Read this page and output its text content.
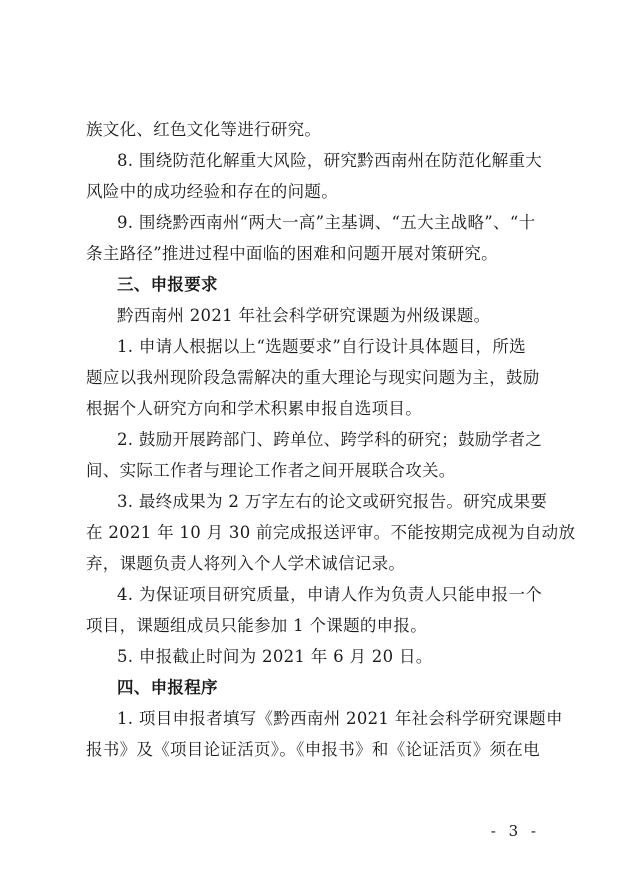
族文化、红色文化等进行研究。
8. 围绕防范化解重大风险，研究黔西南州在防范化解重大
风险中的成功经验和存在的问题。
9. 围绕黔西南州“两大一高”主基调、“五大主战略”、“十
条主路径”推进过程中面临的困难和问题开展对策研究。
三、申报要求
黔西南州 2021 年社会科学研究课题为州级课题。
1. 申请人根据以上“选题要求”自行设计具体题目，所选
题应以我州现阶段急需解决的重大理论与现实问题为主，鼓励
根据个人研究方向和学术积累申报自选项目。
2. 鼓励开展跨部门、跨单位、跨学科的研究；鼓励学者之
间、实际工作者与理论工作者之间开展联合攻关。
3. 最终成果为 2 万字左右的论文或研究报告。研究成果要
在 2021 年 10 月 30 前完成报送评审。不能按期完成视为自动放
弃，课题负责人将列入个人学术诚信记录。
4. 为保证项目研究质量，申请人作为负责人只能申报一个
项目，课题组成员只能参加 1 个课题的申报。
5. 申报截止时间为 2021 年 6 月 20 日。
四、申报程序
1. 项目申报者填写《黔西南州 2021 年社会科学研究课题申
报书》及《项目论证活页》。《申报书》和《论证活页》须在电
- 3 -
